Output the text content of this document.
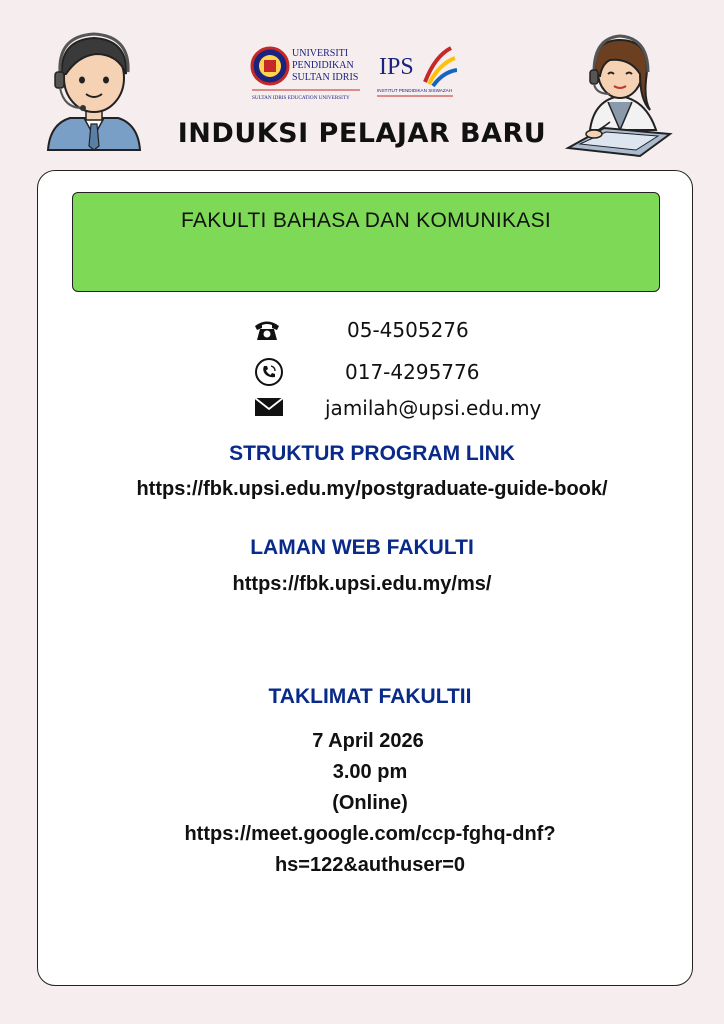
UNIVERSITI
PENDIDIKAN
SULTAN IDRIS
SULTAN IDRIS EDUCATION UNIVERSITY
IPS
INSTITUT PENDIDIKAN SISWAZAH
INDUKSI PELAJAR BARU
FAKULTI BAHASA DAN KOMUNIKASI
05-4505276
017-4295776
jamilah@upsi.edu.my
STRUKTUR PROGRAM LINK
https://fbk.upsi.edu.my/postgraduate-guide-book/
LAMAN WEB FAKULTI
https://fbk.upsi.edu.my/ms/
TAKLIMAT FAKULTII
7 April 2026
3.00 pm
(Online)
https://meet.google.com/ccp-fghq-dnf?
hs=122&authuser=0
